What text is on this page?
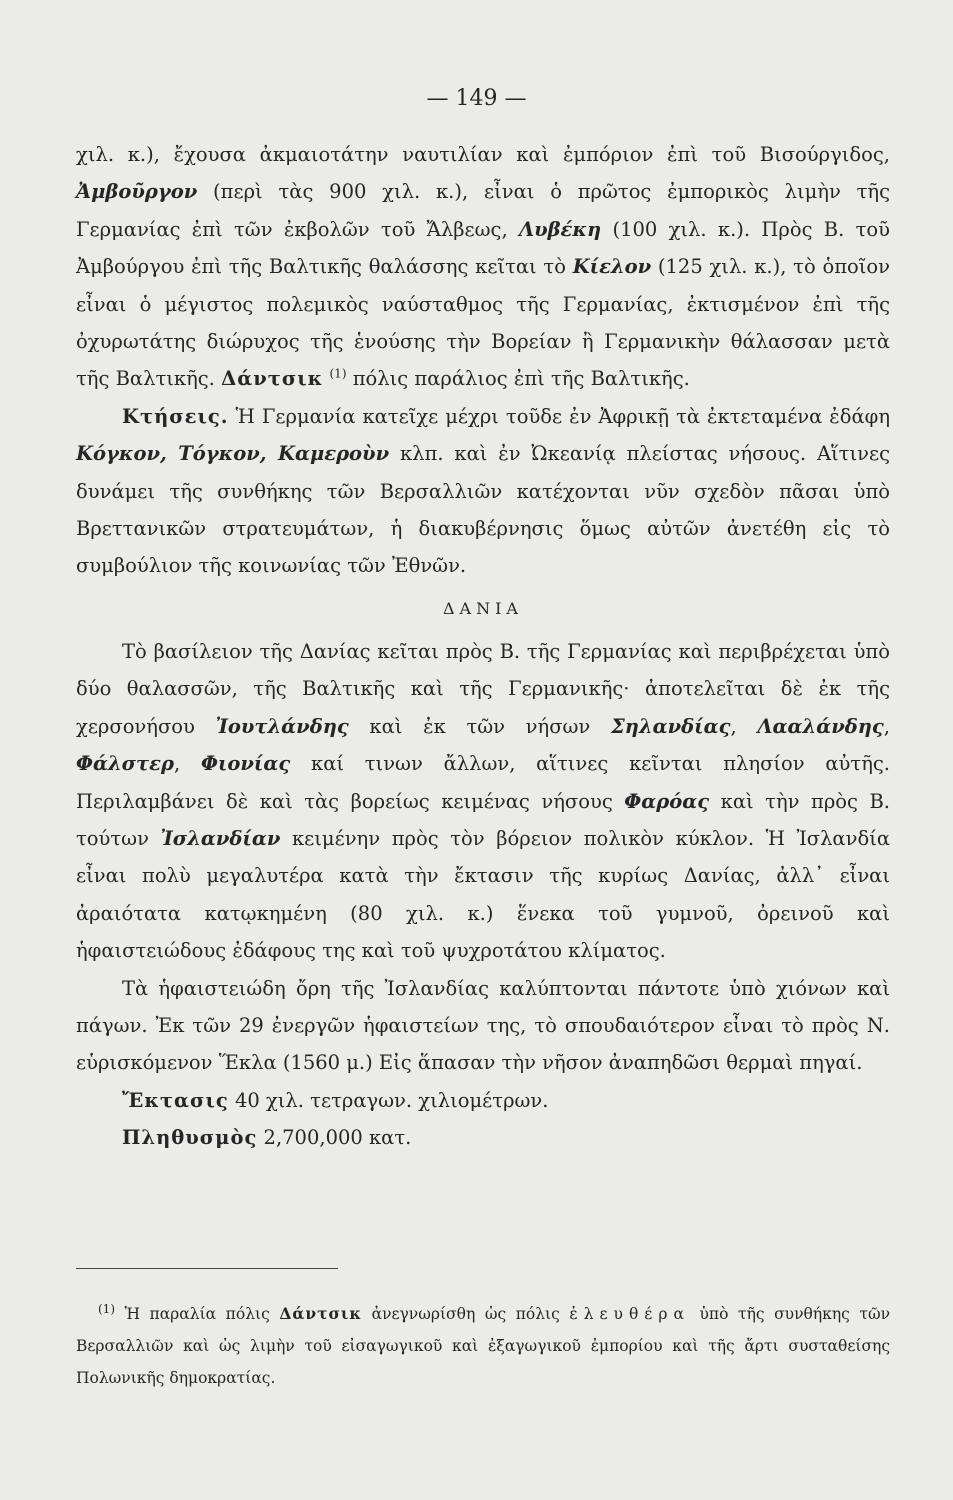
— 149 —

χιλ. κ.), ἔχουσα ἀκμαιοτάτην ναυτιλίαν καὶ ἐμπόριον ἐπὶ τοῦ Βισούργιδος, Ἀμβοῦργον (περὶ τὰς 900 χιλ. κ.), εἶναι ὁ πρῶτος ἐμπορικὸς λιμὴν τῆς Γερμανίας ἐπὶ τῶν ἐκβολῶν τοῦ Ἄλβεως, Λυβέκη (100 χιλ. κ.). Πρὸς Β. τοῦ Ἀμβούργου ἐπὶ τῆς Βαλτικῆς θαλάσσης κεῖται τὸ Κίελον (125 χιλ. κ.), τὸ ὁποῖον εἶναι ὁ μέγιστος πολεμικὸς ναύσταθμος τῆς Γερμανίας, ἐκτισμένον ἐπὶ τῆς ὀχυρωτάτης διώρυχος τῆς ἑνούσης τὴν Βορείαν ἢ Γερμανικὴν θάλασσαν μετὰ τῆς Βαλτικῆς. Δάντσικ $^{(1)}$ πόλις παράλιος ἐπὶ τῆς Βαλτικῆς.

Κτήσεις. Ἡ Γερμανία κατεῖχε μέχρι τοῦδε ἐν Ἀφρικῇ τὰ ἐκτεταμένα ἐδάφη Κόγκον, Τόγκον, Καμεροὺν κλπ. καὶ ἐν Ὠκεανίᾳ πλείστας νήσους. Αἵτινες δυνάμει τῆς συνθήκης τῶν Βερσαλλιῶν κατέχονται νῦν σχεδὸν πᾶσαι ὑπὸ Βρεττανικῶν στρατευμάτων, ἡ διακυβέρνησις ὅμως αὐτῶν ἀνετέθη εἰς τὸ συμβούλιον τῆς κοινωνίας τῶν Ἐθνῶν.

ΔΑΝΙΑ

Τὸ βασίλειον τῆς Δανίας κεῖται πρὸς Β. τῆς Γερμανίας καὶ περιβρέχεται ὑπὸ δύο θαλασσῶν, τῆς Βαλτικῆς καὶ τῆς Γερμανικῆς· ἀποτελεῖται δὲ ἐκ τῆς χερσονήσου Ἰουτλάνδης καὶ ἐκ τῶν νήσων Σηλανδίας, Λααλάνδης, Φάλστερ, Φιονίας καί τινων ἄλλων, αἵτινες κεῖνται πλησίον αὐτῆς. Περιλαμβάνει δὲ καὶ τὰς βορείως κειμένας νήσους Φαρόας καὶ τὴν πρὸς Β. τούτων Ἰσλανδίαν κειμένην πρὸς τὸν βόρειον πολικὸν κύκλον. Ἡ Ἰσλανδία εἶναι πολὺ μεγαλυτέρα κατὰ τὴν ἔκτασιν τῆς κυρίως Δανίας, ἀλλ᾽ εἶναι ἀραιότατα κατῳκημένη (80 χιλ. κ.) ἕνεκα τοῦ γυμνοῦ, ὀρεινοῦ καὶ ἡφαιστειώδους ἐδάφους της καὶ τοῦ ψυχροτάτου κλίματος.

Τὰ ἡφαιστειώδη ὄρη τῆς Ἰσλανδίας καλύπτονται πάντοτε ὑπὸ χιόνων καὶ πάγων. Ἐκ τῶν 29 ἐνεργῶν ἡφαιστείων της, τὸ σπουδαιότερον εἶναι τὸ πρὸς Ν. εὑρισκόμενον Ἕκλα (1560 μ.) Εἰς ἅπασαν τὴν νῆσον ἀναπηδῶσι θερμαὶ πηγαί.

Ἔκτασις 40 χιλ. τετραγων. χιλιομέτρων.

Πληθυσμὸς 2,700,000 κατ.

$^{(1)}$ Ἡ παραλία πόλις Δάντσικ ἀνεγνωρίσθη ὡς πόλις ἐλευθέρα ὑπὸ τῆς συνθήκης τῶν Βερσαλλιῶν καὶ ὡς λιμὴν τοῦ εἰσαγωγικοῦ καὶ ἐξαγωγικοῦ ἐμπορίου καὶ τῆς ἄρτι συσταθείσης Πολωνικῆς δημοκρατίας.
